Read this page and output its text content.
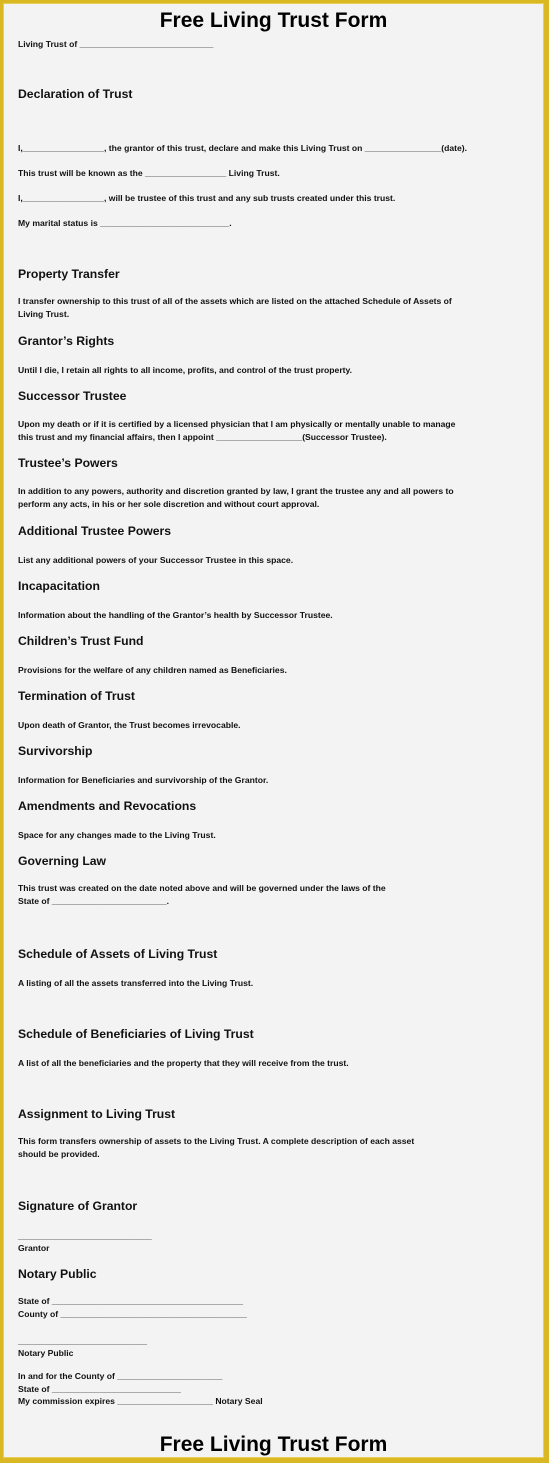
Free Living Trust Form
Living Trust of ____________________________
Declaration of Trust
I,_________________, the grantor of this trust, declare and make this Living Trust on ________________(date).
This trust will be known as the _________________ Living Trust.
I,_________________, will be trustee of this trust and any sub trusts created under this trust.
My marital status is ___________________________.
Property Transfer
I transfer ownership to this trust of all of the assets which are listed on the attached Schedule of Assets of
Living Trust.
Grantor’s Rights
Until I die, I retain all rights to all income, profits, and control of the trust property.
Successor Trustee
Upon my death or if it is certified by a licensed physician that I am physically or mentally unable to manage
this trust and my financial affairs, then I appoint __________________(Successor Trustee).
Trustee’s Powers
In addition to any powers, authority and discretion granted by law, I grant the trustee any and all powers to
perform any acts, in his or her sole discretion and without court approval.
Additional Trustee Powers
List any additional powers of your Successor Trustee in this space.
Incapacitation
Information about the handling of the Grantor’s health by Successor Trustee.
Children’s Trust Fund
Provisions for the welfare of any children named as Beneficiaries.
Termination of Trust
Upon death of Grantor, the Trust becomes irrevocable.
Survivorship
Information for Beneficiaries and survivorship of the Grantor.
Amendments and Revocations
Space for any changes made to the Living Trust.
Governing Law
This trust was created on the date noted above and will be governed under the laws of the
State of ________________________.
Schedule of Assets of Living Trust
A listing of all the assets transferred into the Living Trust.
Schedule of Beneficiaries of Living Trust
A list of all the beneficiaries and the property that they will receive from the trust.
Assignment to Living Trust
This form transfers ownership of assets to the Living Trust. A complete description of each asset
should be provided.
Signature of Grantor
____________________________
Grantor
Notary Public
State of ________________________________________
County of _______________________________________
___________________________
Notary Public
In and for the County of ______________________
State of ___________________________
My commission expires ____________________ Notary Seal
Free Living Trust Form
